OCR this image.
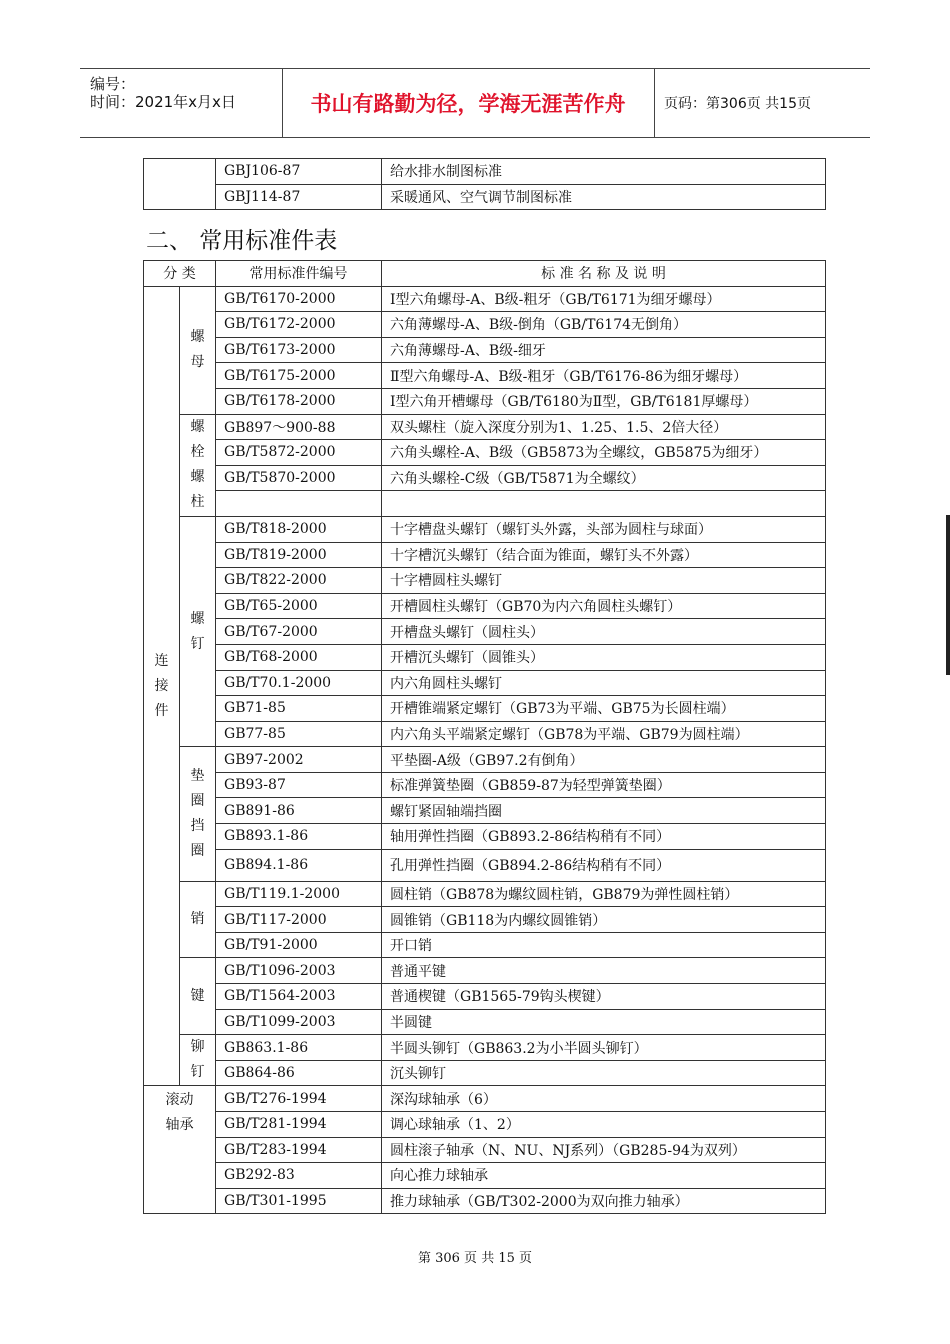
编号：
时间：2021年x月x日	书山有路勤为径，学海无涯苦作舟	页码：第306页 共15页
	GBJ106-87	给水排水制图标准
	GBJ114-87	采暖通风、空气调节制图标准
二、 常用标准件表
分 类		常用标准件编号	标 准 名 称 及 说 明
连接件	螺母	GB/T6170-2000	Ⅰ型六角螺母-A、B级-粗牙（GB/T6171为细牙螺母）
		GB/T6172-2000	六角薄螺母-A、B级-倒角（GB/T6174无倒角）
		GB/T6173-2000	六角薄螺母-A、B级-细牙
		GB/T6175-2000	Ⅱ型六角螺母-A、B级-粗牙（GB/T6176-86为细牙螺母）
		GB/T6178-2000	Ⅰ型六角开槽螺母（GB/T6180为Ⅱ型，GB/T6181厚螺母）
	螺栓螺柱	GB897～900-88	双头螺柱（旋入深度分别为1、1.25、1.5、2倍大径）
		GB/T5872-2000	六角头螺栓-A、B级（GB5873为全螺纹，GB5875为细牙）
		GB/T5870-2000	六角头螺栓-C级（GB/T5871为全螺纹）

	螺钉	GB/T818-2000	十字槽盘头螺钉（螺钉头外露，头部为圆柱与球面）
		GB/T819-2000	十字槽沉头螺钉（结合面为锥面，螺钉头不外露）
		GB/T822-2000	十字槽圆柱头螺钉
		GB/T65-2000	开槽圆柱头螺钉（GB70为内六角圆柱头螺钉）
		GB/T67-2000	开槽盘头螺钉（圆柱头）
		GB/T68-2000	开槽沉头螺钉（圆锥头）
		GB/T70.1-2000	内六角圆柱头螺钉
		GB71-85	开槽锥端紧定螺钉（GB73为平端、GB75为长圆柱端）
		GB77-85	内六角头平端紧定螺钉（GB78为平端、GB79为圆柱端）
	垫圈挡圈	GB97-2002	平垫圈-A级（GB97.2有倒角）
		GB93-87	标准弹簧垫圈（GB859-87为轻型弹簧垫圈）
		GB891-86	螺钉紧固轴端挡圈
		GB893.1-86	轴用弹性挡圈（GB893.2-86结构稍有不同）
		GB894.1-86	孔用弹性挡圈（GB894.2-86结构稍有不同）
	销	GB/T119.1-2000	圆柱销（GB878为螺纹圆柱销，GB879为弹性圆柱销）
		GB/T117-2000	圆锥销（GB118为内螺纹圆锥销）
		GB/T91-2000	开口销
	键	GB/T1096-2003	普通平键
		GB/T1564-2003	普通楔键（GB1565-79钩头楔键）
		GB/T1099-2003	半圆键
	铆钉	GB863.1-86	半圆头铆钉（GB863.2为小半圆头铆钉）
		GB864-86	沉头铆钉
滚动轴承		GB/T276-1994	深沟球轴承（6）
		GB/T281-1994	调心球轴承（1、2）
		GB/T283-1994	圆柱滚子轴承（N、NU、NJ系列）（GB285-94为双列）
		GB292-83	向心推力球轴承
		GB/T301-1995	推力球轴承（GB/T302-2000为双向推力轴承）
第 306 页 共 15 页
